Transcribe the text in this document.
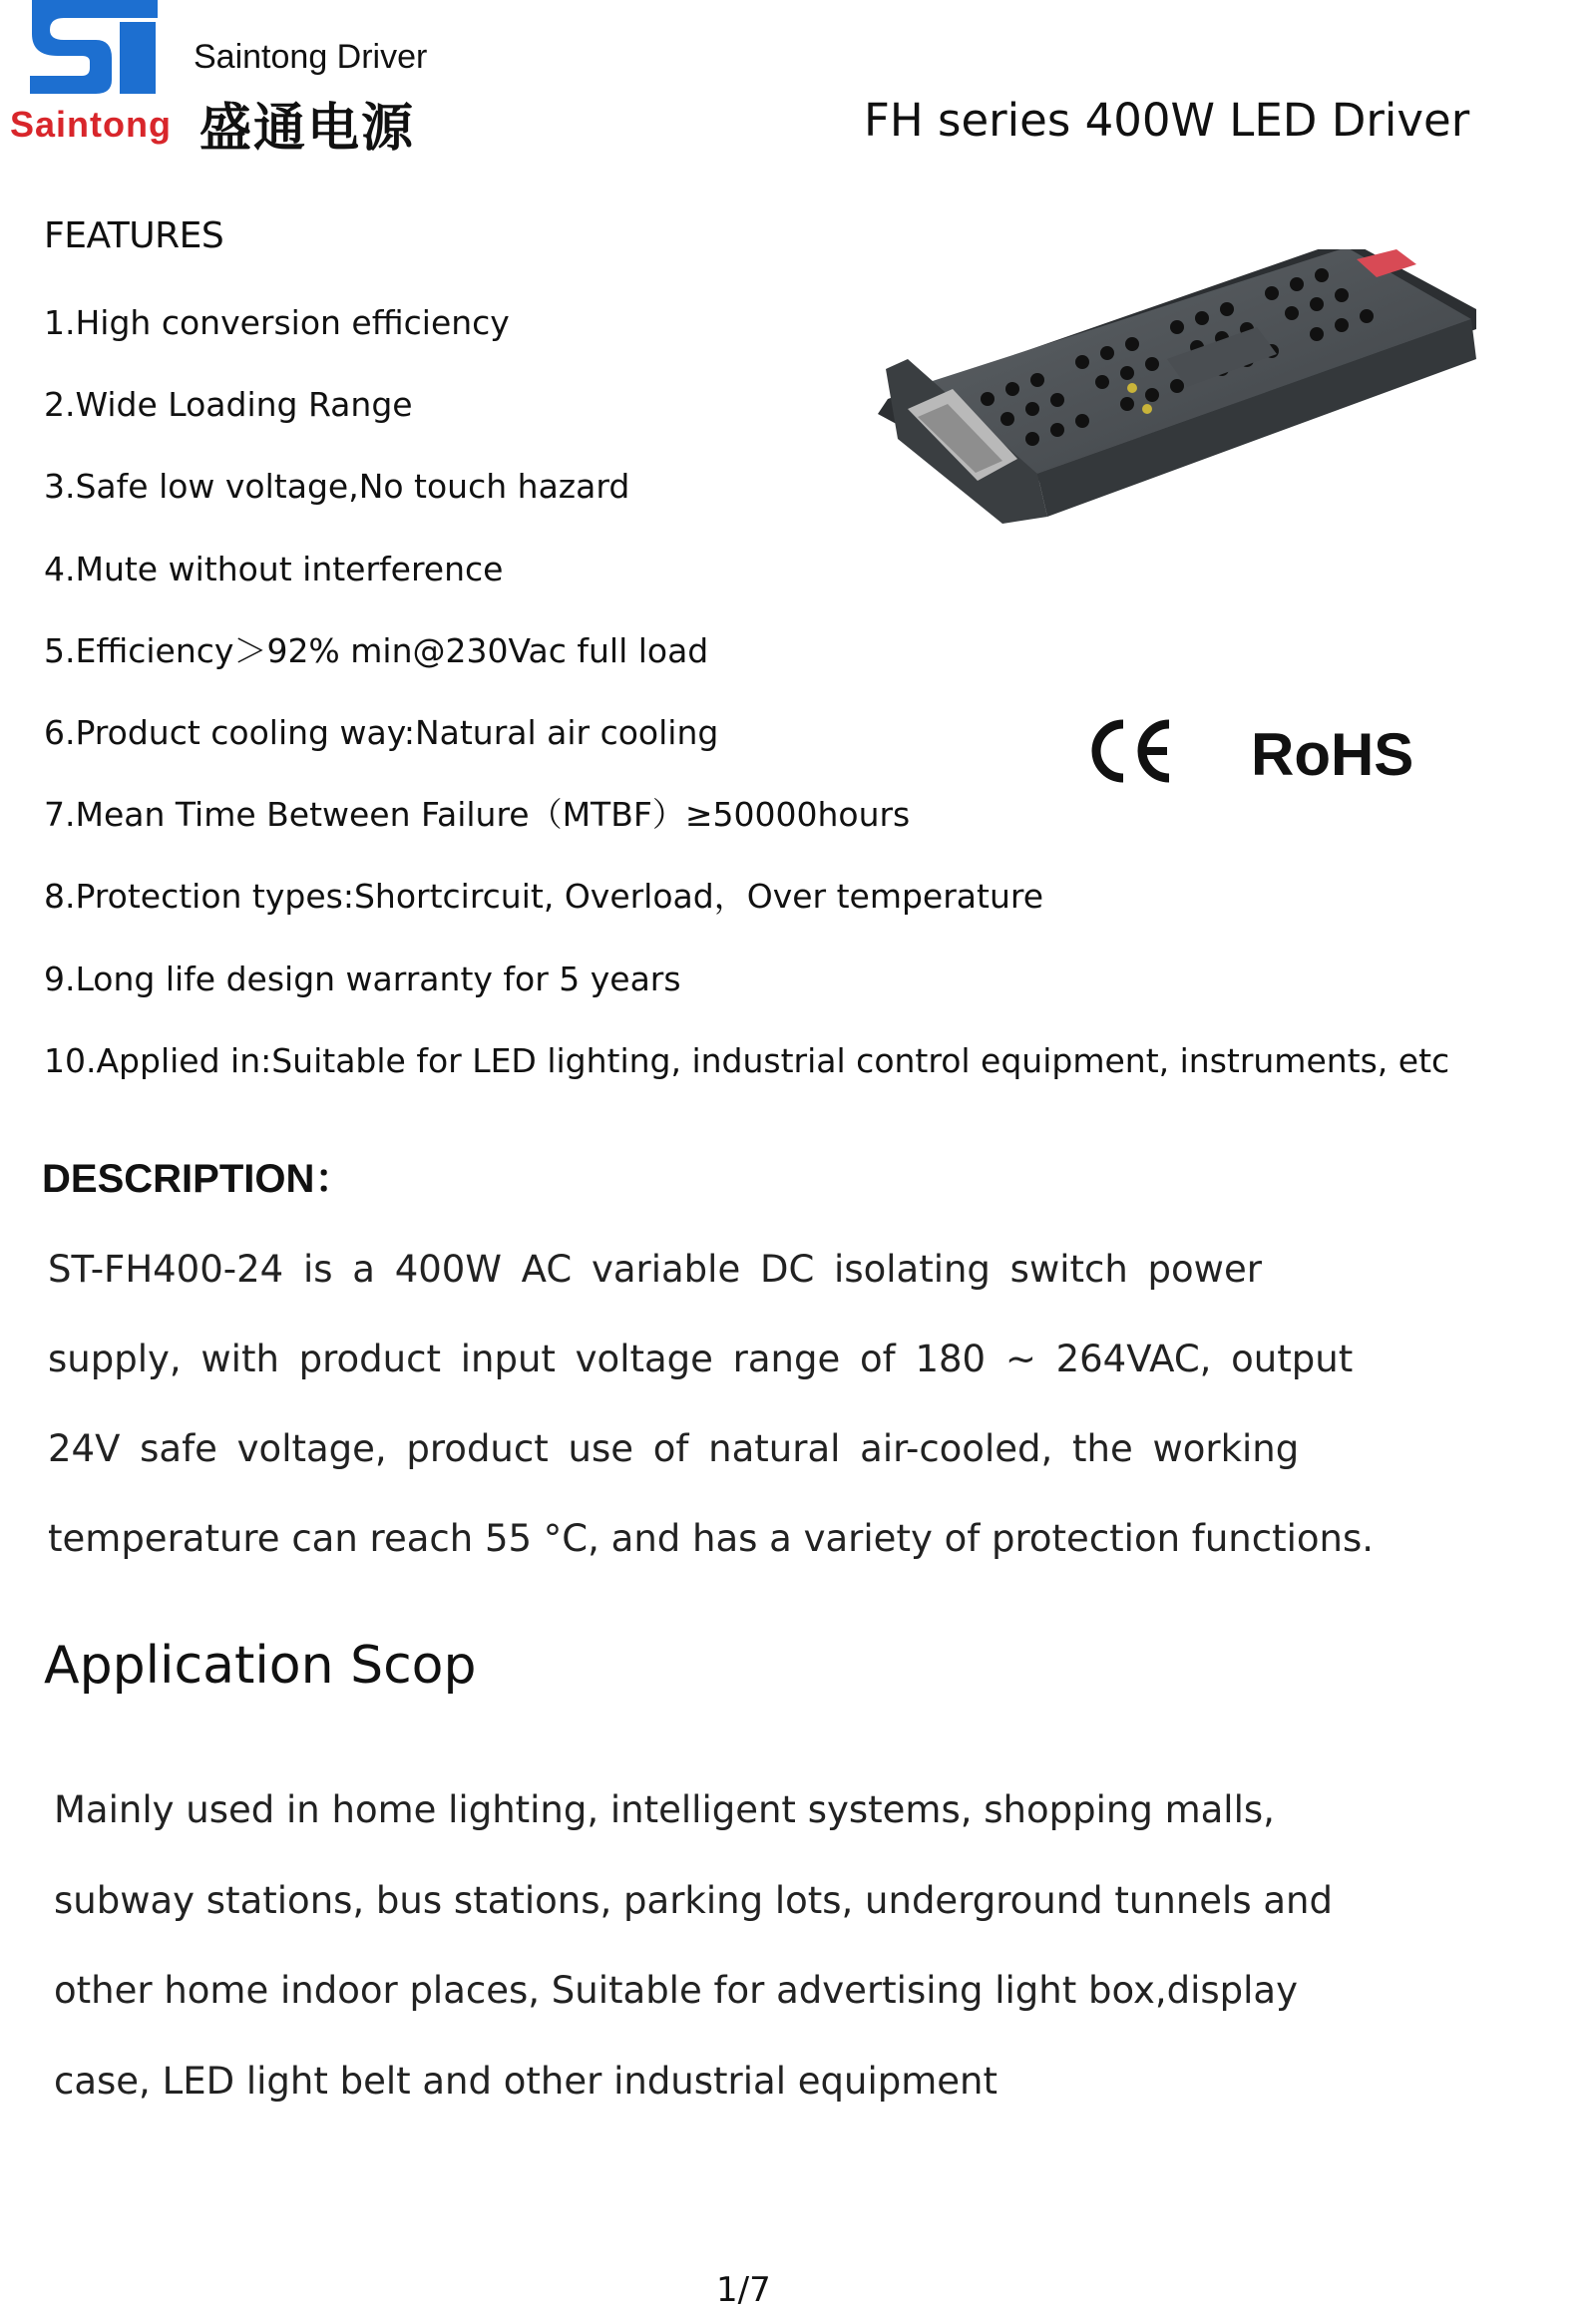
Saintong
Saintong Driver
盛通电源	FH series 400W LED Driver
FEATURES
1.High conversion efficiency
2.Wide Loading Range
3.Safe low voltage,No touch hazard
4.Mute without interference
5.Efficiency＞92% min@230Vac full load
6.Product cooling way:Natural air cooling
7.Mean Time Between Failure（MTBF）≥50000hours
8.Protection types:Shortcircuit, Overload，Over temperature
9.Long life design warranty for 5 years
10.Applied in:Suitable for LED lighting, industrial control equipment, instruments, etc
RoHS
DESCRIPTION：
ST-FH400-24 is a 400W AC variable DC isolating switch power
supply, with product input voltage range of 180 ~ 264VAC, output
24V safe voltage, product use of natural air-cooled, the working
temperature can reach 55 °C, and has a variety of protection functions.
Application Scop
Mainly used in home lighting, intelligent systems, shopping malls,
subway stations, bus stations, parking lots, underground tunnels and
other home indoor places, Suitable for advertising light box,display
case, LED light belt and other industrial equipment
1/7
